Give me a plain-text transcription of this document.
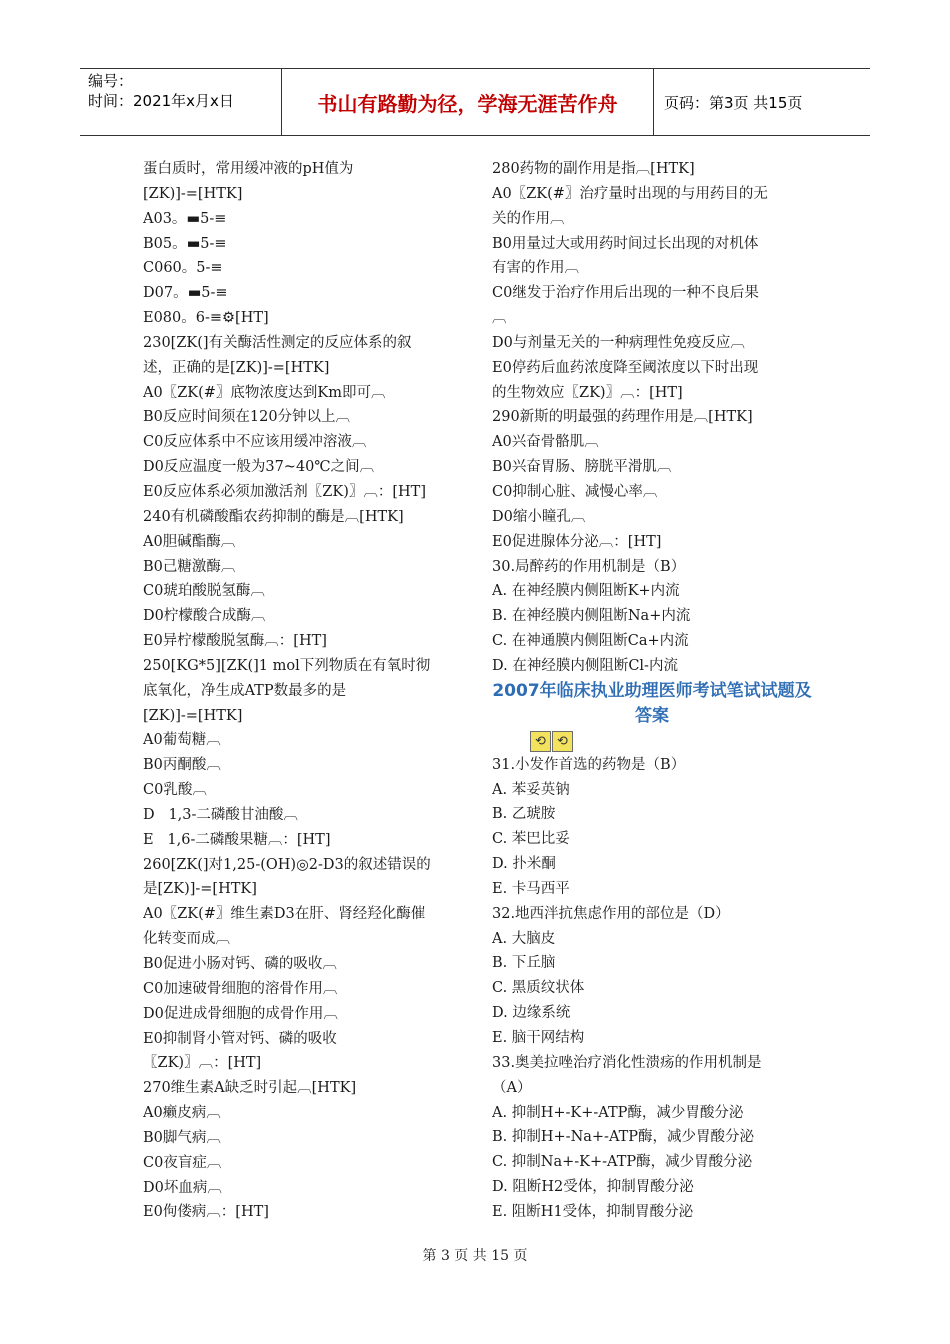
编号：
时间：2021年x月x日	书山有路勤为径，学海无涯苦作舟	页码：第3页 共15页
蛋白质时，常用缓冲液的pH值为
[ZK)]-=[HTK]
A03。▬5-≡
B05。▬5-≡
C060。5-≡
D07。▬5-≡
E080。6-≡⚙[HT]
230[ZK(]有关酶活性测定的反应体系的叙
述，正确的是[ZK)]-=[HTK]
A0〖ZK(#〗底物浓度达到Km即可︹
B0反应时间须在120分钟以上︹
C0反应体系中不应该用缓冲溶液︹
D0反应温度一般为37~40℃之间︹
E0反应体系必须加激活剂〖ZK)〗︹：[HT]
240有机磷酸酯农药抑制的酶是︹[HTK]
A0胆碱酯酶︹
B0己糖激酶︹
C0琥珀酸脱氢酶︹
D0柠檬酸合成酶︹
E0异柠檬酸脱氢酶︹：[HT]
250[KG*5][ZK(]1 mol下列物质在有氧时彻
底氧化，净生成ATP数最多的是
[ZK)]-=[HTK]
A0葡萄糖︹
B0丙酮酸︹
C0乳酸︹
D   1,3-二磷酸甘油酸︹
E   1,6-二磷酸果糖︹：[HT]
260[ZK(]对1,25-(OH)◎2-D3的叙述错误的
是[ZK)]-=[HTK]
A0〖ZK(#〗维生素D3在肝、肾经羟化酶催
化转变而成︹
B0促进小肠对钙、磷的吸收︹
C0加速破骨细胞的溶骨作用︹
D0促进成骨细胞的成骨作用︹
E0抑制肾小管对钙、磷的吸收
〖ZK)〗︹：[HT]
270维生素A缺乏时引起︹[HTK]
A0癞皮病︹
B0脚气病︹
C0夜盲症︹
D0坏血病︹
E0佝偻病︹：[HT]
280药物的副作用是指︹[HTK]
A0〖ZK(#〗治疗量时出现的与用药目的无
关的作用︹
B0用量过大或用药时间过长出现的对机体
有害的作用︹
C0继发于治疗作用后出现的一种不良后果
︹
D0与剂量无关的一种病理性免疫反应︹
E0停药后血药浓度降至阈浓度以下时出现
的生物效应〖ZK)〗︹：[HT]
290新斯的明最强的药理作用是︹[HTK]
A0兴奋骨骼肌︹
B0兴奋胃肠、膀胱平滑肌︹
C0抑制心脏、减慢心率︹
D0缩小瞳孔︹
E0促进腺体分泌︹：[HT]
30.局醉药的作用机制是（B）
A. 在神经膜内侧阻断K+内流
B. 在神经膜内侧阻断Na+内流
C. 在神通膜内侧阻断Ca+内流
D. 在神经膜内侧阻断Cl-内流
2007年临床执业助理医师考试笔试试题及答案
⟲ ⟲
31.小发作首选的药物是（B）
A. 苯妥英钠
B. 乙琥胺
C. 苯巴比妥
D. 扑米酮
E. 卡马西平
32.地西泮抗焦虑作用的部位是（D）
A. 大脑皮
B. 下丘脑
C. 黑质纹状体
D. 边缘系统
E. 脑干网结构
33.奥美拉唑治疗消化性溃疡的作用机制是
（A）
A. 抑制H+-K+-ATP酶，减少胃酸分泌
B. 抑制H+-Na+-ATP酶，减少胃酸分泌
C. 抑制Na+-K+-ATP酶，减少胃酸分泌
D. 阻断H2受体，抑制胃酸分泌
E. 阻断H1受体，抑制胃酸分泌
第 3 页 共 15 页
